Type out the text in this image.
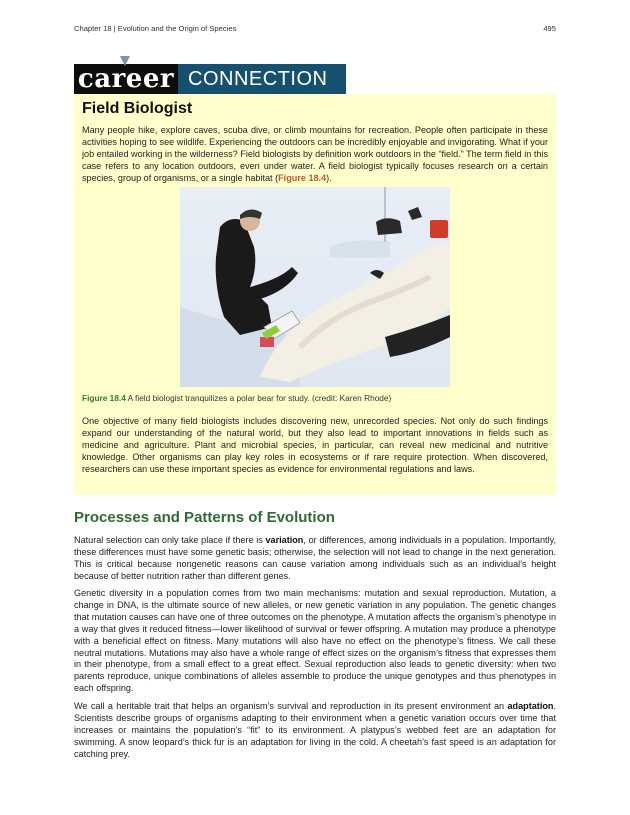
Chapter 18 | Evolution and the Origin of Species	495
career CONNECTION
Field Biologist

Many people hike, explore caves, scuba dive, or climb mountains for recreation. People often participate in these activities hoping to see wildlife. Experiencing the outdoors can be incredibly enjoyable and invigorating. What if your job entailed working in the wilderness? Field biologists by definition work outdoors in the “field.” The term field in this case refers to any location outdoors, even under water. A field biologist typically focuses research on a certain species, group of organisms, or a single habitat (Figure 18.4).

Figure 18.4 A field biologist tranquilizes a polar bear for study. (credit: Karen Rhode)

One objective of many field biologists includes discovering new, unrecorded species. Not only do such findings expand our understanding of the natural world, but they also lead to important innovations in fields such as medicine and agriculture. Plant and microbial species, in particular, can reveal new medicinal and nutritive knowledge. Other organisms can play key roles in ecosystems or if rare require protection. When discovered, researchers can use these important species as evidence for environmental regulations and laws.

Processes and Patterns of Evolution

Natural selection can only take place if there is variation, or differences, among individuals in a population. Importantly, these differences must have some genetic basis; otherwise, the selection will not lead to change in the next generation. This is critical because nongenetic reasons can cause variation among individuals such as an individual’s height because of better nutrition rather than different genes.

Genetic diversity in a population comes from two main mechanisms: mutation and sexual reproduction. Mutation, a change in DNA, is the ultimate source of new alleles, or new genetic variation in any population. The genetic changes that mutation causes can have one of three outcomes on the phenotype. A mutation affects the organism’s phenotype in a way that gives it reduced fitness—lower likelihood of survival or fewer offspring. A mutation may produce a phenotype with a beneficial effect on fitness. Many mutations will also have no effect on the phenotype’s fitness. We call these neutral mutations. Mutations may also have a whole range of effect sizes on the organism’s fitness that expresses them in their phenotype, from a small effect to a great effect. Sexual reproduction also leads to genetic diversity: when two parents reproduce, unique combinations of alleles assemble to produce the unique genotypes and thus phenotypes in each offspring.

We call a heritable trait that helps an organism’s survival and reproduction in its present environment an adaptation. Scientists describe groups of organisms adapting to their environment when a genetic variation occurs over time that increases or maintains the population’s “fit” to its environment. A platypus’s webbed feet are an adaptation for swimming. A snow leopard’s thick fur is an adaptation for living in the cold. A cheetah’s fast speed is an adaptation for catching prey.
